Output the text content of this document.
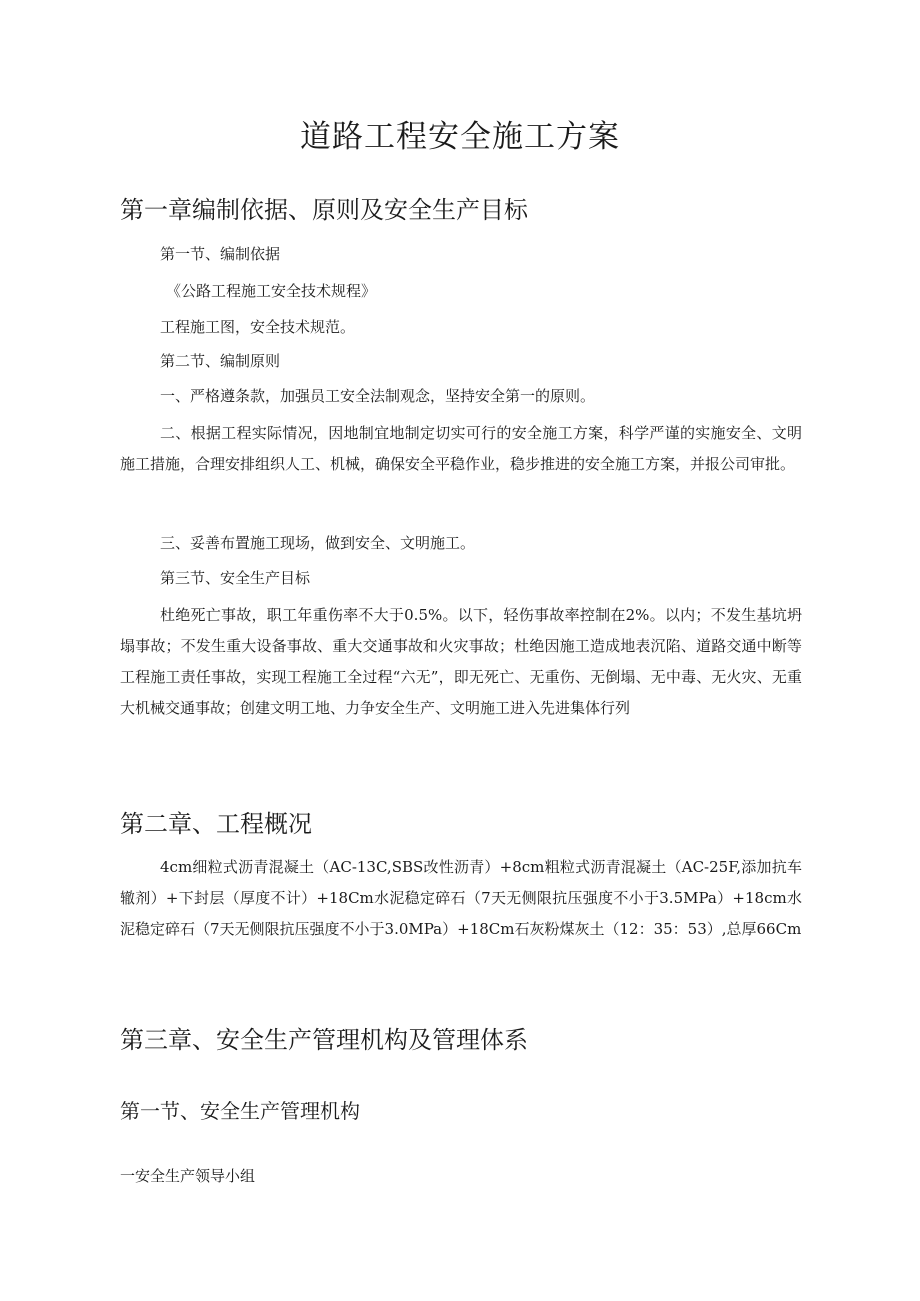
道路工程安全施工方案
第一章编制依据、原则及安全生产目标
第一节、编制依据
《公路工程施工安全技术规程》
工程施工图，安全技术规范。
第二节、编制原则
一、严格遵条款，加强员工安全法制观念，坚持安全第一的原则。
二、根据工程实际情况，因地制宜地制定切实可行的安全施工方案，科学严谨的实施安全、文明施工措施，合理安排组织人工、机械，确保安全平稳作业，稳步推进的安全施工方案，并报公司审批。
三、妥善布置施工现场，做到安全、文明施工。
第三节、安全生产目标
杜绝死亡事故，职工年重伤率不大于0.5%。以下，轻伤事故率控制在2%。以内；不发生基坑坍塌事故；不发生重大设备事故、重大交通事故和火灾事故；杜绝因施工造成地表沉陷、道路交通中断等工程施工责任事故，实现工程施工全过程“六无”，即无死亡、无重伤、无倒塌、无中毒、无火灾、无重大机械交通事故；创建文明工地、力争安全生产、文明施工进入先进集体行列
第二章、工程概况
4cm细粒式沥青混凝土（AC-13C,SBS改性沥青）+8cm粗粒式沥青混凝土（AC-25F,添加抗车辙剂）+下封层（厚度不计）+18Cm水泥稳定碎石（7天无侧限抗压强度不小于3.5MPa）+18cm水泥稳定碎石（7天无侧限抗压强度不小于3.0MPa）+18Cm石灰粉煤灰土（12：35：53）,总厚66Cm
第三章、安全生产管理机构及管理体系
第一节、安全生产管理机构
一安全生产领导小组
